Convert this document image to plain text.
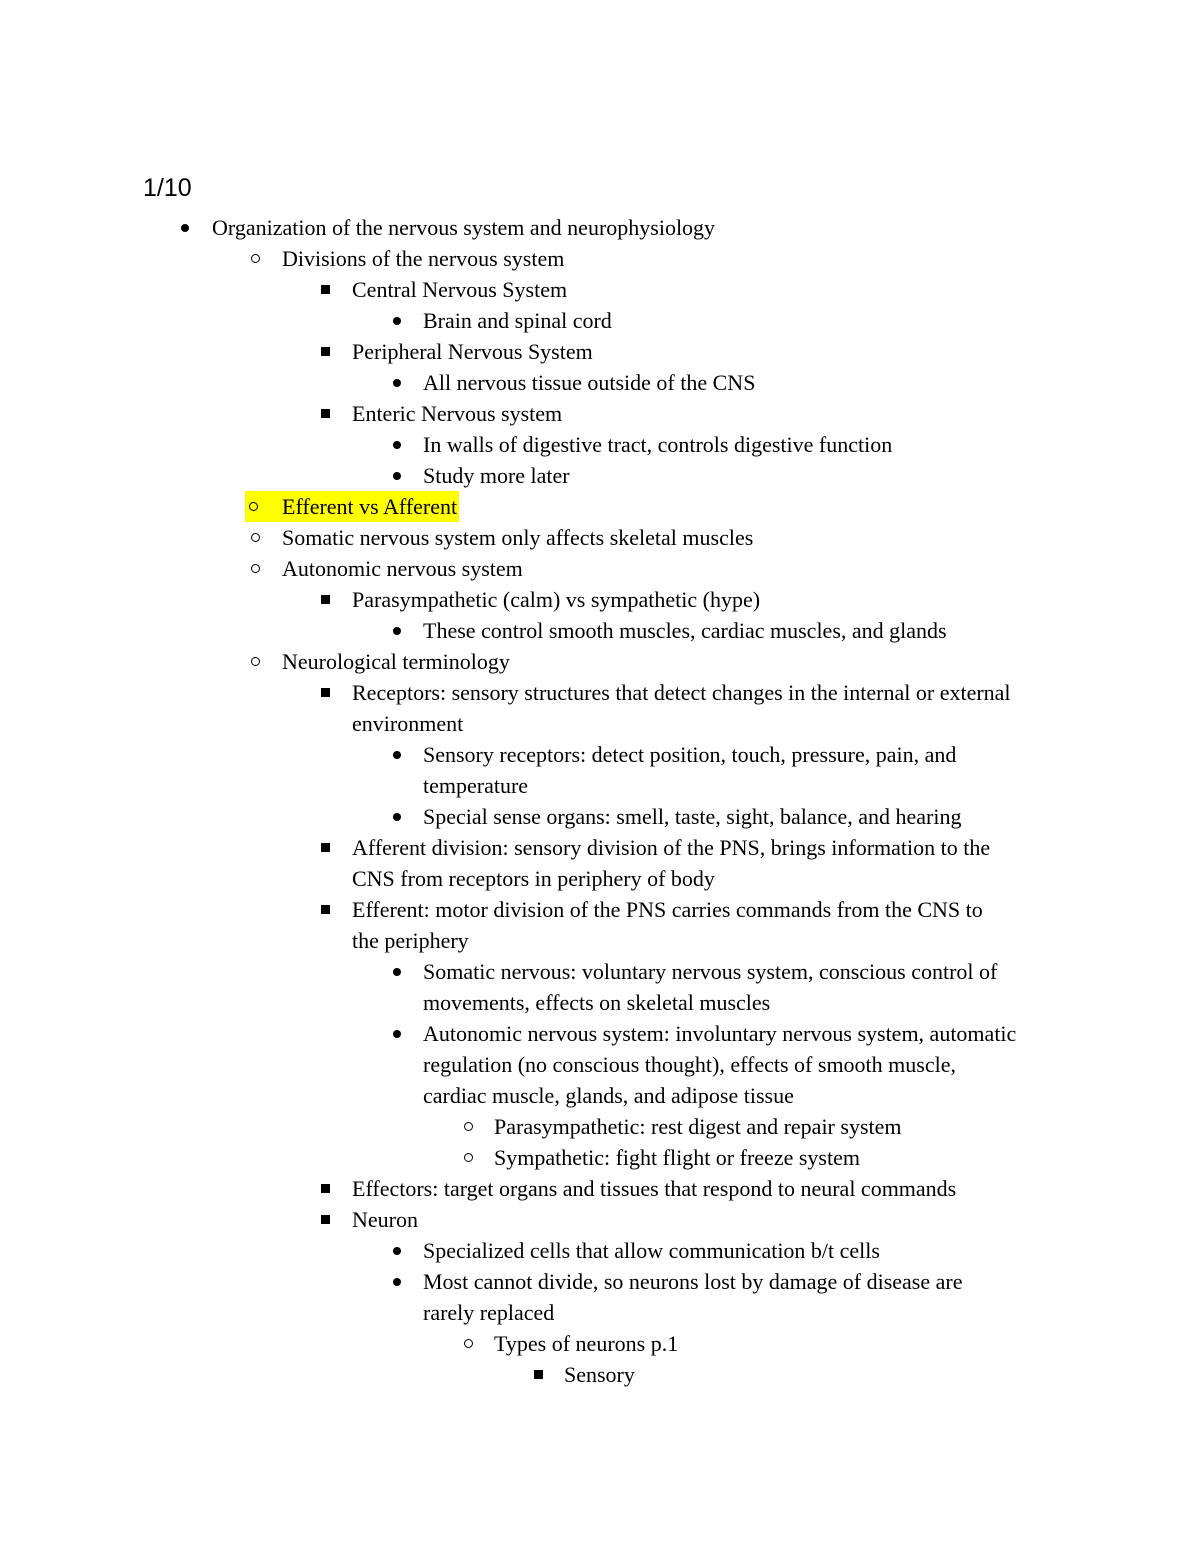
1/10
Organization of the nervous system and neurophysiology
Divisions of the nervous system
Central Nervous System
Brain and spinal cord
Peripheral Nervous System
All nervous tissue outside of the CNS
Enteric Nervous system
In walls of digestive tract, controls digestive function
Study more later
Efferent vs Afferent
Somatic nervous system only affects skeletal muscles
Autonomic nervous system
Parasympathetic (calm) vs sympathetic (hype)
These control smooth muscles, cardiac muscles, and glands
Neurological terminology
Receptors: sensory structures that detect changes in the internal or external
environment
Sensory receptors: detect position, touch, pressure, pain, and
temperature
Special sense organs: smell, taste, sight, balance, and hearing
Afferent division: sensory division of the PNS, brings information to the
CNS from receptors in periphery of body
Efferent: motor division of the PNS carries commands from the CNS to
the periphery
Somatic nervous: voluntary nervous system, conscious control of
movements, effects on skeletal muscles
Autonomic nervous system: involuntary nervous system, automatic
regulation (no conscious thought), effects of smooth muscle,
cardiac muscle, glands, and adipose tissue
Parasympathetic: rest digest and repair system
Sympathetic: fight flight or freeze system
Effectors: target organs and tissues that respond to neural commands
Neuron
Specialized cells that allow communication b/t cells
Most cannot divide, so neurons lost by damage of disease are
rarely replaced
Types of neurons p.1
Sensory
